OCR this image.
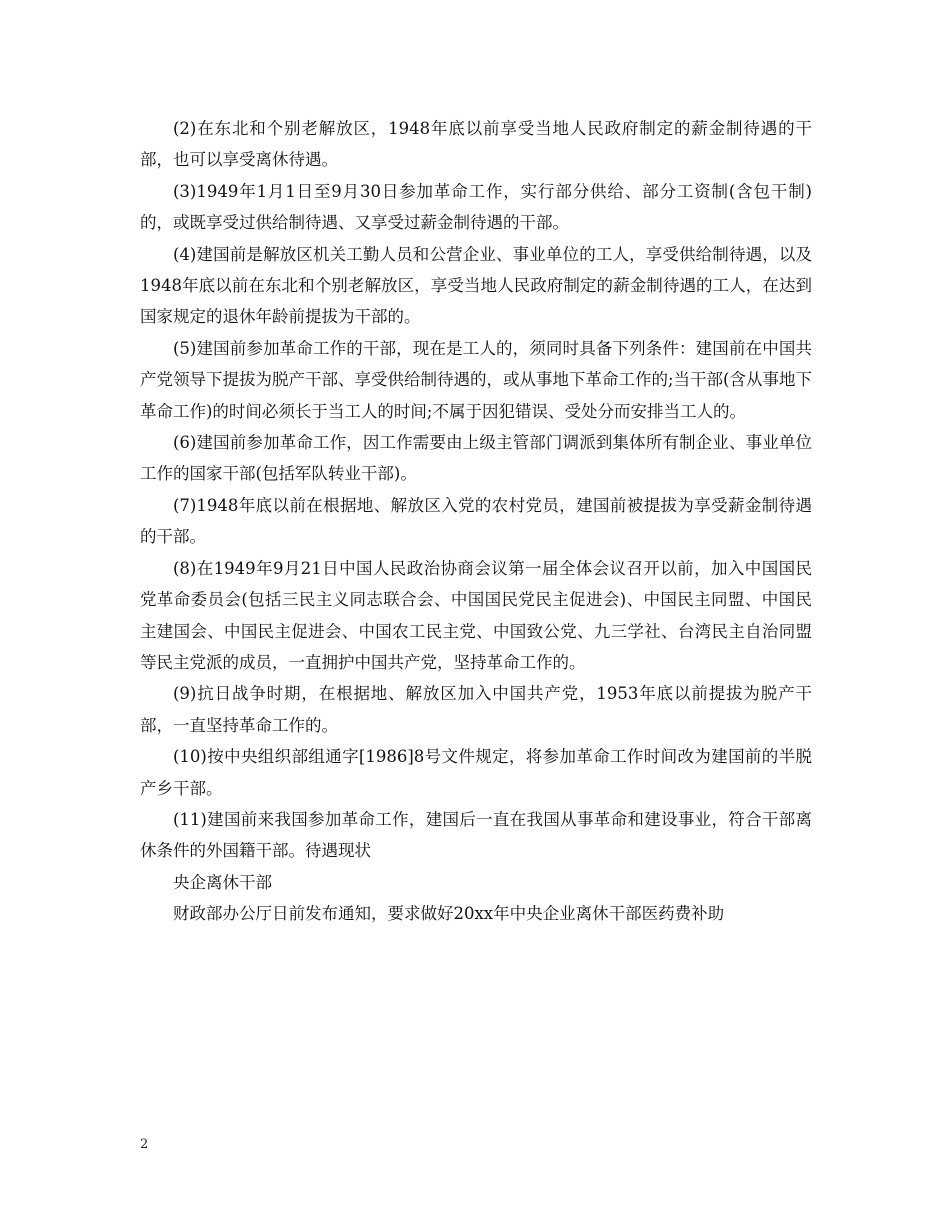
(2)在东北和个别老解放区，1948年底以前享受当地人民政府制定的薪金制待遇的干部，也可以享受离休待遇。

(3)1949年1月1日至9月30日参加革命工作，实行部分供给、部分工资制(含包干制)的，或既享受过供给制待遇、又享受过薪金制待遇的干部。

(4)建国前是解放区机关工勤人员和公营企业、事业单位的工人，享受供给制待遇，以及1948年底以前在东北和个别老解放区，享受当地人民政府制定的薪金制待遇的工人，在达到国家规定的退休年龄前提拔为干部的。

(5)建国前参加革命工作的干部，现在是工人的，须同时具备下列条件：建国前在中国共产党领导下提拔为脱产干部、享受供给制待遇的，或从事地下革命工作的;当干部(含从事地下革命工作)的时间必须长于当工人的时间;不属于因犯错误、受处分而安排当工人的。

(6)建国前参加革命工作，因工作需要由上级主管部门调派到集体所有制企业、事业单位工作的国家干部(包括军队转业干部)。

(7)1948年底以前在根据地、解放区入党的农村党员，建国前被提拔为享受薪金制待遇的干部。

(8)在1949年9月21日中国人民政治协商会议第一届全体会议召开以前，加入中国国民党革命委员会(包括三民主义同志联合会、中国国民党民主促进会)、中国民主同盟、中国民主建国会、中国民主促进会、中国农工民主党、中国致公党、九三学社、台湾民主自治同盟等民主党派的成员，一直拥护中国共产党，坚持革命工作的。

(9)抗日战争时期，在根据地、解放区加入中国共产党，1953年底以前提拔为脱产干部，一直坚持革命工作的。

(10)按中央组织部组通字[1986]8号文件规定，将参加革命工作时间改为建国前的半脱产乡干部。

(11)建国前来我国参加革命工作，建国后一直在我国从事革命和建设事业，符合干部离休条件的外国籍干部。待遇现状

央企离休干部

财政部办公厅日前发布通知，要求做好20xx年中央企业离休干部医药费补助

2
